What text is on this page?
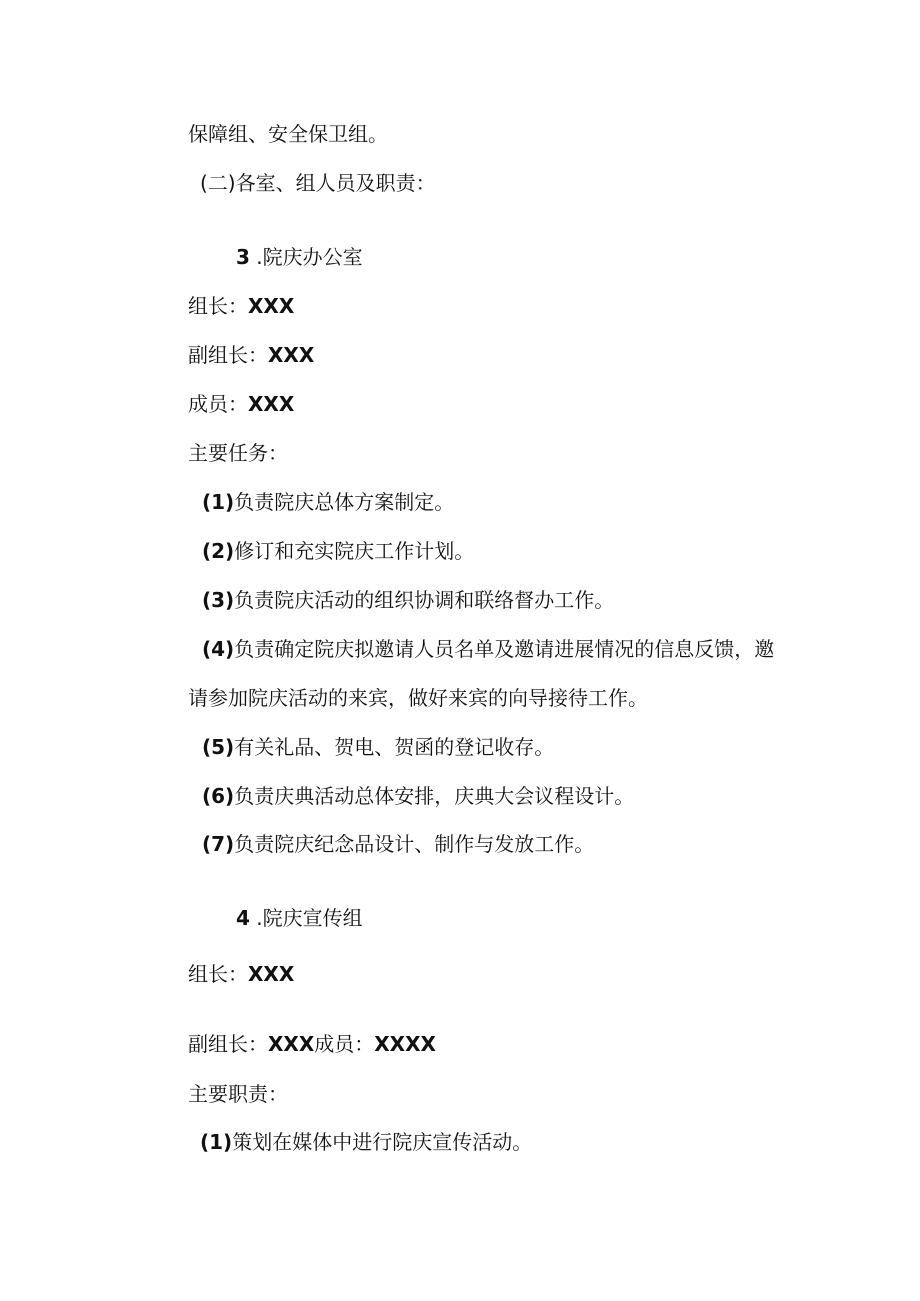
保障组、安全保卫组。
(二)各室、组人员及职责：
3 .院庆办公室
组长：XXX
副组长：XXX
成员：XXX
主要任务：
(1)负责院庆总体方案制定。
(2)修订和充实院庆工作计划。
(3)负责院庆活动的组织协调和联络督办工作。
(4)负责确定院庆拟邀请人员名单及邀请进展情况的信息反馈，邀
请参加院庆活动的来宾，做好来宾的向导接待工作。
(5)有关礼品、贺电、贺函的登记收存。
(6)负责庆典活动总体安排，庆典大会议程设计。
(7)负责院庆纪念品设计、制作与发放工作。
4 .院庆宣传组
组长：XXX
副组长：XXX成员：XXXX
主要职责：
(1)策划在媒体中进行院庆宣传活动。
